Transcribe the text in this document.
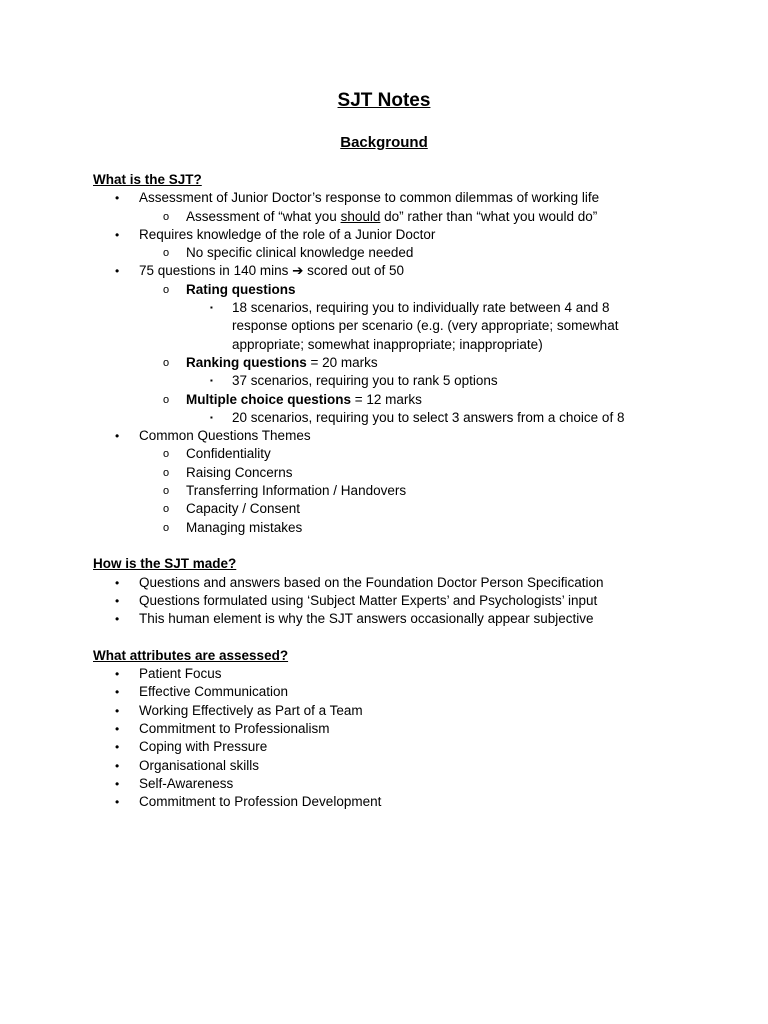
SJT Notes
Background
What is the SJT?
• Assessment of Junior Doctor’s response to common dilemmas of working life
o Assessment of “what you should do” rather than “what you would do”
• Requires knowledge of the role of a Junior Doctor
o No specific clinical knowledge needed
• 75 questions in 140 mins ➔ scored out of 50
o Rating questions
▪ 18 scenarios, requiring you to individually rate between 4 and 8 response options per scenario (e.g. (very appropriate; somewhat appropriate; somewhat inappropriate; inappropriate)
o Ranking questions = 20 marks
▪ 37 scenarios, requiring you to rank 5 options
o Multiple choice questions = 12 marks
▪ 20 scenarios, requiring you to select 3 answers from a choice of 8
• Common Questions Themes
o Confidentiality
o Raising Concerns
o Transferring Information / Handovers
o Capacity / Consent
o Managing mistakes
How is the SJT made?
• Questions and answers based on the Foundation Doctor Person Specification
• Questions formulated using ‘Subject Matter Experts’ and Psychologists’ input
• This human element is why the SJT answers occasionally appear subjective
What attributes are assessed?
• Patient Focus
• Effective Communication
• Working Effectively as Part of a Team
• Commitment to Professionalism
• Coping with Pressure
• Organisational skills
• Self-Awareness
• Commitment to Profession Development
